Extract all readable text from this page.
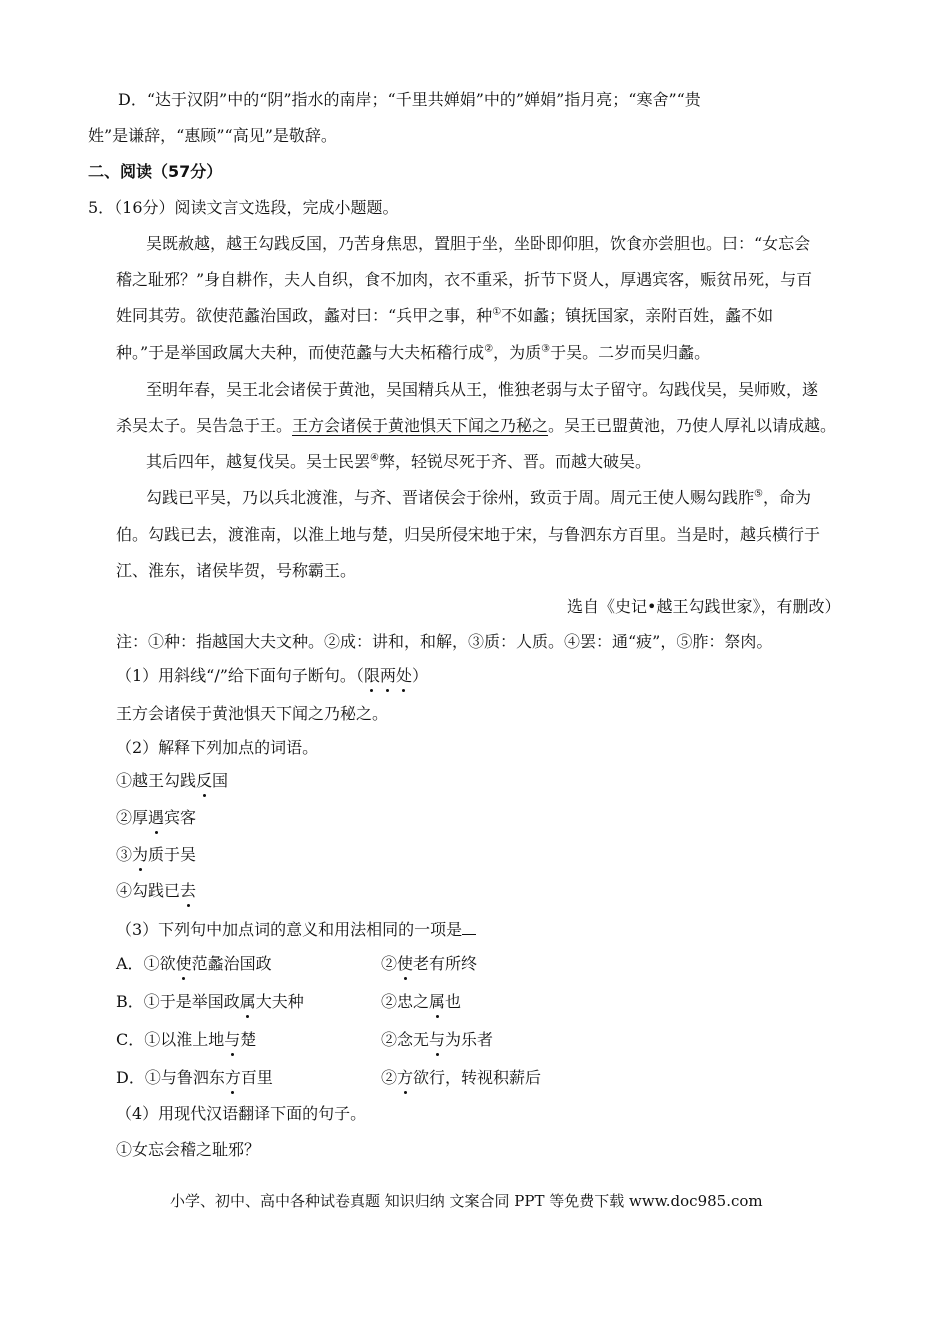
D．“达于汉阴”中的“阴”指水的南岸；“千里共婵娟”中的”婵娟”指月亮；“寒舍”“贵
姓”是谦辞，“惠顾”“高见”是敬辞。
二、阅读（57分）
5．（16分）阅读文言文选段，完成小题题。
吴既赦越，越王勾践反国，乃苦身焦思，置胆于坐，坐卧即仰胆，饮食亦尝胆也。曰：“女忘会
稽之耻邪？”身自耕作，夫人自织，食不加肉，衣不重采，折节下贤人，厚遇宾客，赈贫吊死，与百
姓同其劳。欲使范蠡治国政，蠡对曰：“兵甲之事，种①不如蠡；镇抚国家，亲附百姓，蠡不如
种。”于是举国政属大夫种，而使范蠡与大夫柘稽行成②，为质③于吴。二岁而吴归蠡。
至明年春，吴王北会诸侯于黄池，吴国精兵从王，惟独老弱与太子留守。勾践伐吴，吴师败，遂
杀吴太子。吴告急于王。王方会诸侯于黄池惧天下闻之乃秘之。吴王已盟黄池，乃使人厚礼以请成越。
其后四年，越复伐吴。吴士民罢④弊，轻锐尽死于齐、晋。而越大破吴。
勾践已平吴，乃以兵北渡淮，与齐、晋诸侯会于徐州，致贡于周。周元王使人赐勾践胙⑤，命为
伯。勾践已去，渡淮南，以淮上地与楚，归吴所侵宋地于宋，与鲁泗东方百里。当是时，越兵横行于
江、淮东，诸侯毕贺，号称霸王。
选自《史记•越王勾践世家》，有删改）
注：①种：指越国大夫文种。②成：讲和，和解，③质：人质。④罢：通“疲”，⑤胙：祭肉。
（1）用斜线“/”给下面句子断句。（限两处）
王方会诸侯于黄池惧天下闻之乃秘之。
（2）解释下列加点的词语。
①越王勾践反国
②厚遇宾客
③为质于吴
④勾践已去
（3）下列句中加点词的意义和用法相同的一项是
A．①欲使范蠡治国政	②使老有所终
B．①于是举国政属大夫种	②忠之属也
C．①以淮上地与楚	②念无与为乐者
D．①与鲁泗东方百里	②方欲行，转视积薪后
（4）用现代汉语翻译下面的句子。
①女忘会稽之耻邪？
小学、初中、高中各种试卷真题 知识归纳 文案合同 PPT 等免费下载 www.doc985.com
